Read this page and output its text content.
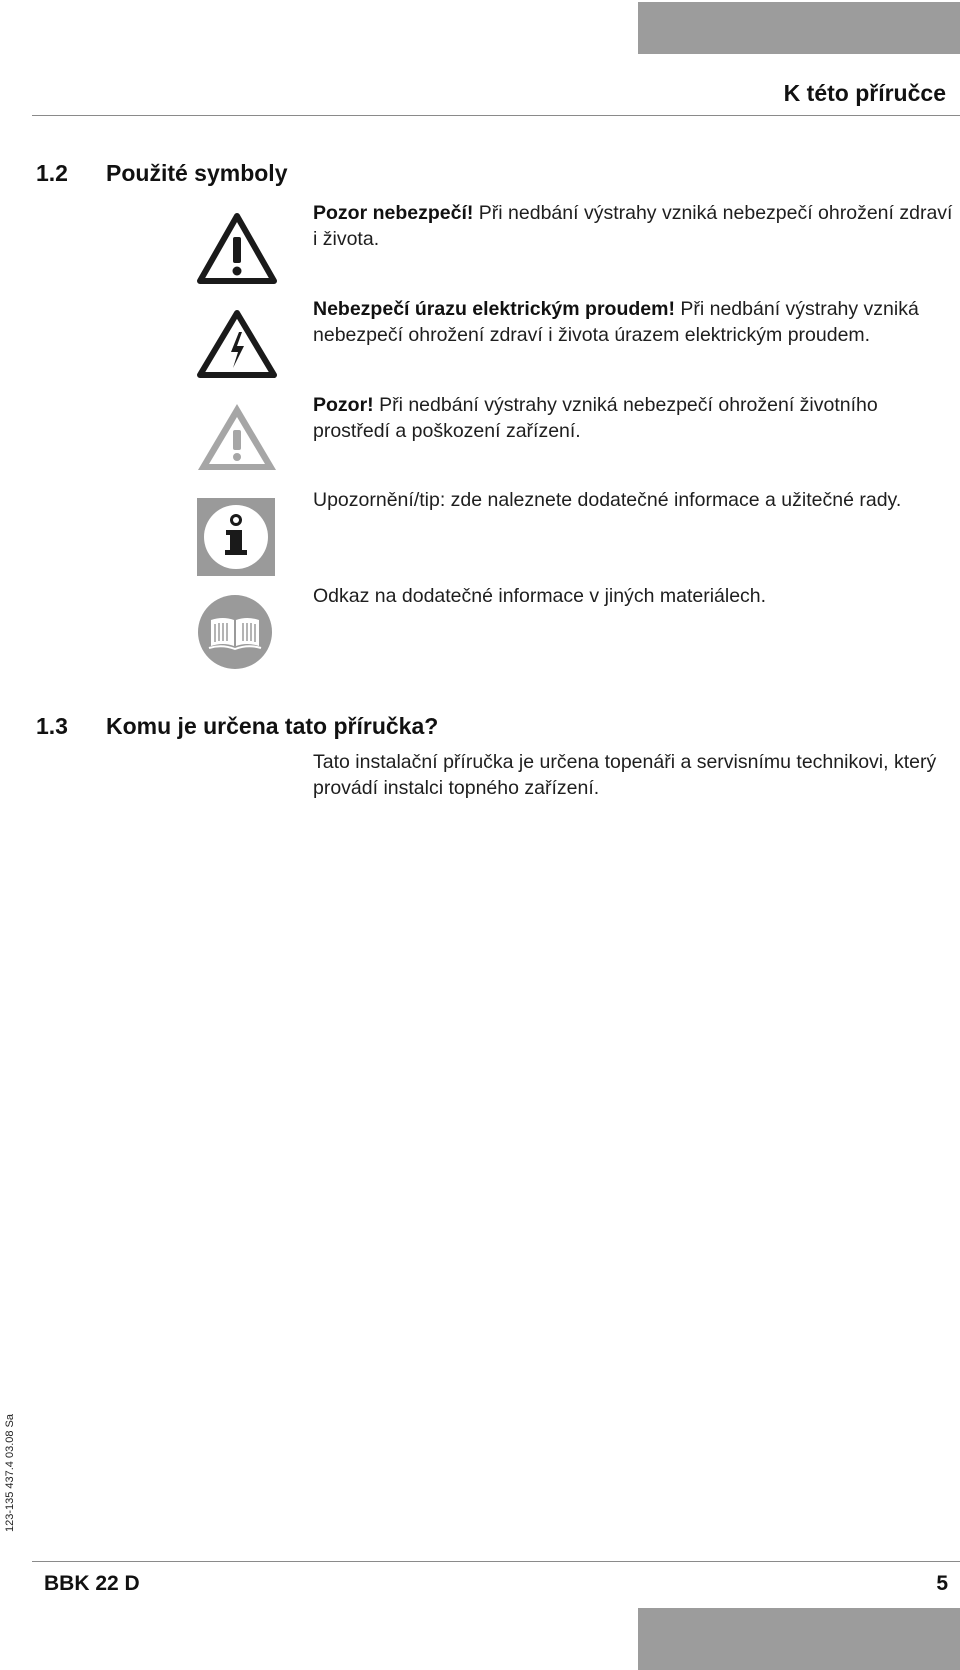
K této příručce
1.2 Použité symboly
Pozor nebezpečí! Při nedbání výstrahy vzniká nebezpečí ohrožení zdraví i života.
Nebezpečí úrazu elektrickým proudem! Při nedbání výstrahy vzniká nebezpečí ohrožení zdraví i života úrazem elektrickým proudem.
Pozor! Při nedbání výstrahy vzniká nebezpečí ohrožení životního prostředí a poškození zařízení.
Upozornění/tip: zde naleznete dodatečné informace a užitečné rady.
Odkaz na dodatečné informace v jiných materiálech.
1.3 Komu je určena tato příručka?
Tato instalační příručka je určena topenáři a servisnímu technikovi, který provádí instalci topného zařízení.
123-135 437.4 03.08 Sa
BBK 22 D	5
